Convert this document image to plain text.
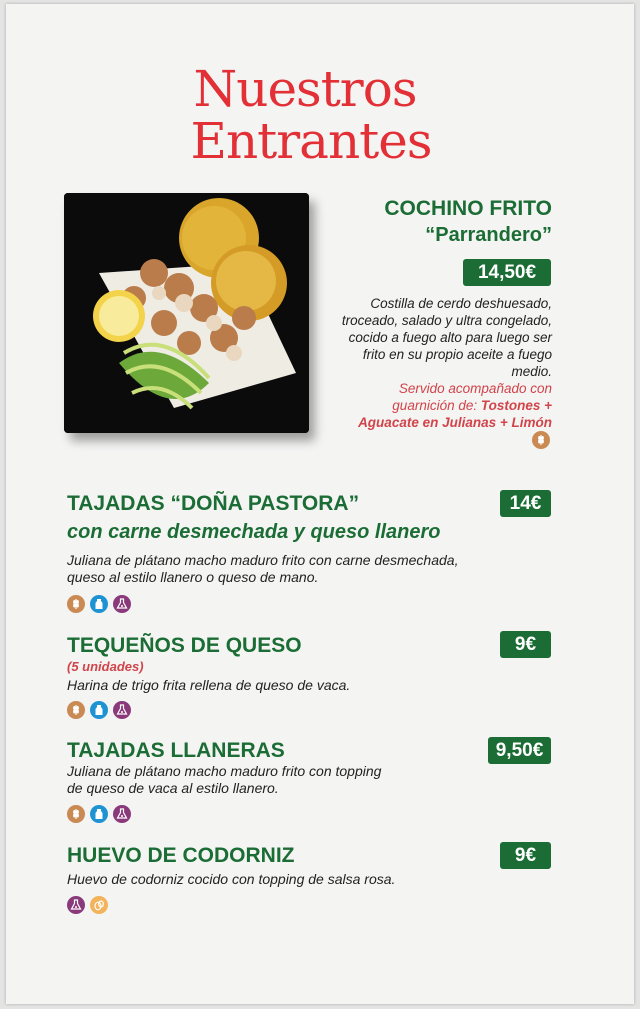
Nuestros
Entrantes
COCHINO FRITO
“Parrandero”
14,50€
Costilla de cerdo deshuesado,
troceado, salado y ultra congelado,
cocido a fuego alto para luego ser
frito en su propio aceite a fuego
medio.
Servido acompañado con
guarnición de: Tostones +
Aguacate en Julianas + Limón
TAJADAS “DOÑA PASTORA”	14€
con carne desmechada y queso llanero
Juliana de plátano macho maduro frito con carne desmechada,
queso al estilo llanero o queso de mano.
TEQUEÑOS DE QUESO	9€
(5 unidades)
Harina de trigo frita rellena de queso de vaca.
TAJADAS LLANERAS	9,50€
Juliana de plátano macho maduro frito con topping
de queso de vaca al estilo llanero.
HUEVO DE CODORNIZ	9€
Huevo de codorniz cocido con topping de salsa rosa.
